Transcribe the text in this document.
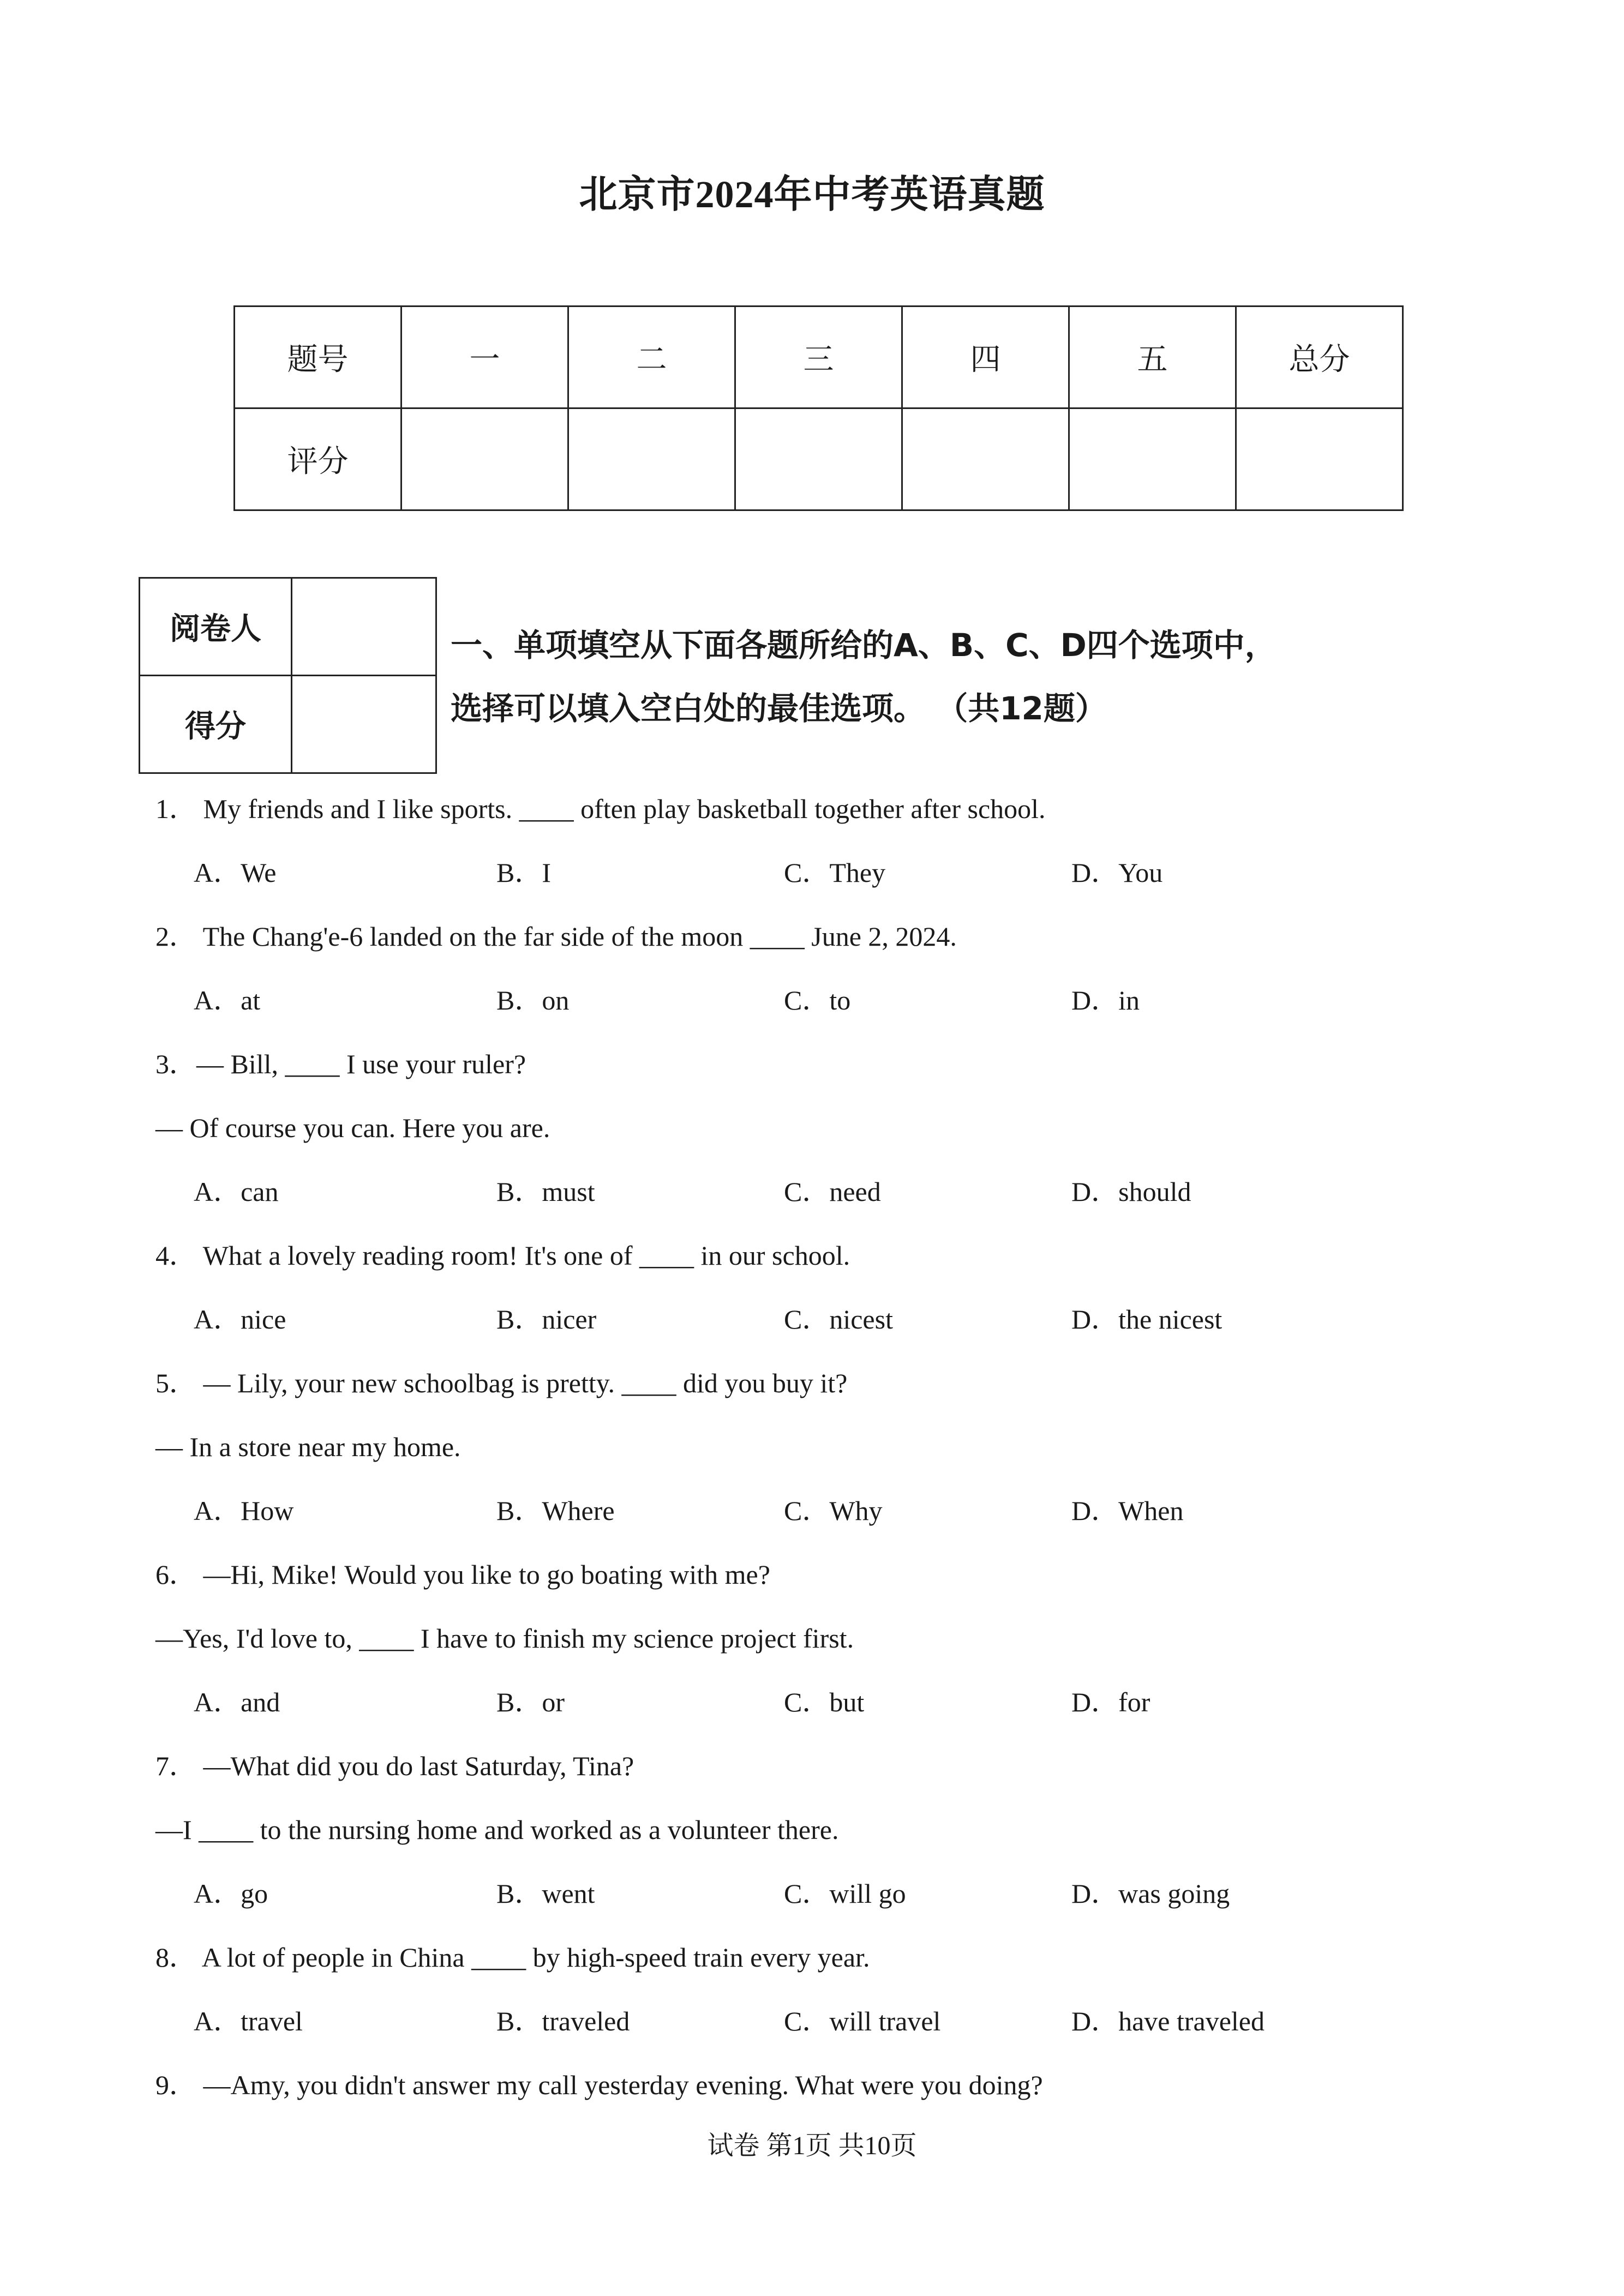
北京市2024年中考英语真题
题号	一	二	三	四	五	总分
评分						
阅卷人	
得分	
一、单项填空从下面各题所给的A、B、C、D四个选项中，
选择可以填入空白处的最佳选项。 （共12题）
1． My friends and I like sports. ____ often play basketball together after school.
A．We	B．I	C．They	D．You
2． The Chang'e-6 landed on the far side of the moon ____ June 2, 2024.
A．at	B．on	C．to	D．in
3．— Bill, ____ I use your ruler?
— Of course you can. Here you are.
A．can	B．must	C．need	D．should
4． What a lovely reading room! It's one of ____ in our school.
A．nice	B．nicer	C．nicest	D．the nicest
5． — Lily, your new schoolbag is pretty. ____ did you buy it?
— In a store near my home.
A．How	B．Where	C．Why	D．When
6． —Hi, Mike! Would you like to go boating with me?
—Yes, I'd love to, ____ I have to finish my science project first.
A．and	B．or	C．but	D．for
7． —What did you do last Saturday, Tina?
—I ____ to the nursing home and worked as a volunteer there.
A．go	B．went	C．will go	D．was going
8． A lot of people in China ____ by high-speed train every year.
A．travel	B．traveled	C．will travel	D．have traveled
9． —Amy, you didn't answer my call yesterday evening. What were you doing?
试卷 第1页 共10页
